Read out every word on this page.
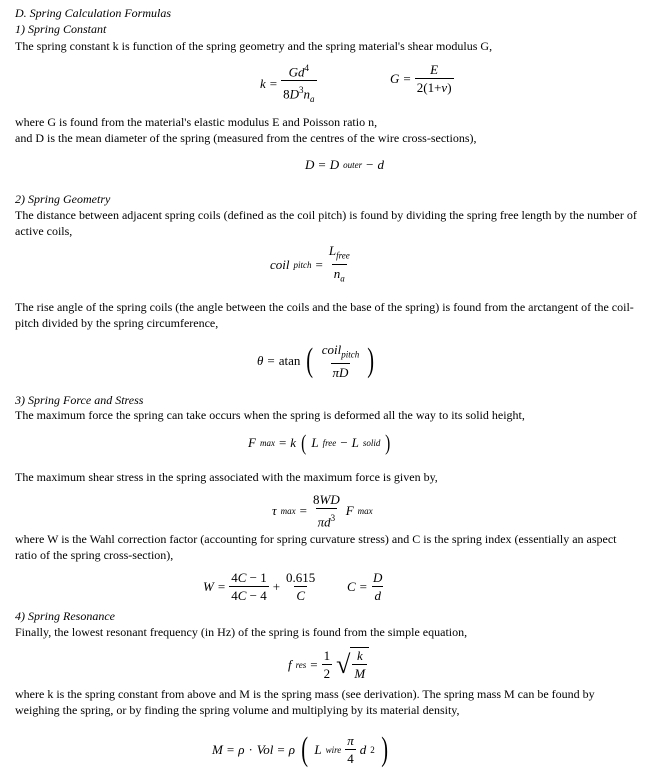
D. Spring Calculation Formulas
1) Spring Constant
The spring constant k is function of the spring geometry and the spring material's shear modulus G,
$k = \frac{Gd^4}{8D^3n_a}$	$G = \frac{E}{2(1+\nu)}$
where G is found from the material's elastic modulus E and Poisson ratio n,
and D is the mean diameter of the spring (measured from the centres of the wire cross-sections),
D = D outer − d
2) Spring Geometry
The distance between adjacent spring coils (defined as the coil pitch) is found by dividing the spring free length by the number of active coils,
coil pitch = $\frac{L_{free}}{n_a}$
The rise angle of the spring coils (the angle between the coils and the base of the spring) is found from the arctangent of the coil-pitch divided by the spring circumference,
θ = atan ( $\frac{coil_{pitch}}{\pi D}$ )
3) Spring Force and Stress
The maximum force the spring can take occurs when the spring is deformed all the way to its solid height,
F max = k ( L free − L solid )
The maximum shear stress in the spring associated with the maximum force is given by,
τ $\max = \frac{8WD}{\pi d^3}$ F max
where W is the Wahl correction factor (accounting for spring curvature stress) and C is the spring index (essentially an aspect ratio of the spring cross-section),
$W = \frac{4C - 1}{4C - 4} + \frac{0.615}{C}$ $C = \frac{D}{d}$
4) Spring Resonance
Finally, the lowest resonant frequency (in Hz) of the spring is found from the simple equation,
f res = $\frac{1}{2}$ √ $\frac{k}{M}$
where k is the spring constant from above and M is the spring mass (see derivation). The spring mass M can be found by weighing the spring, or by finding the spring volume and multiplying by its material density,
M = ρ · Vol = ρ ( L wire $\frac{\pi}{4}$ d 2 )
